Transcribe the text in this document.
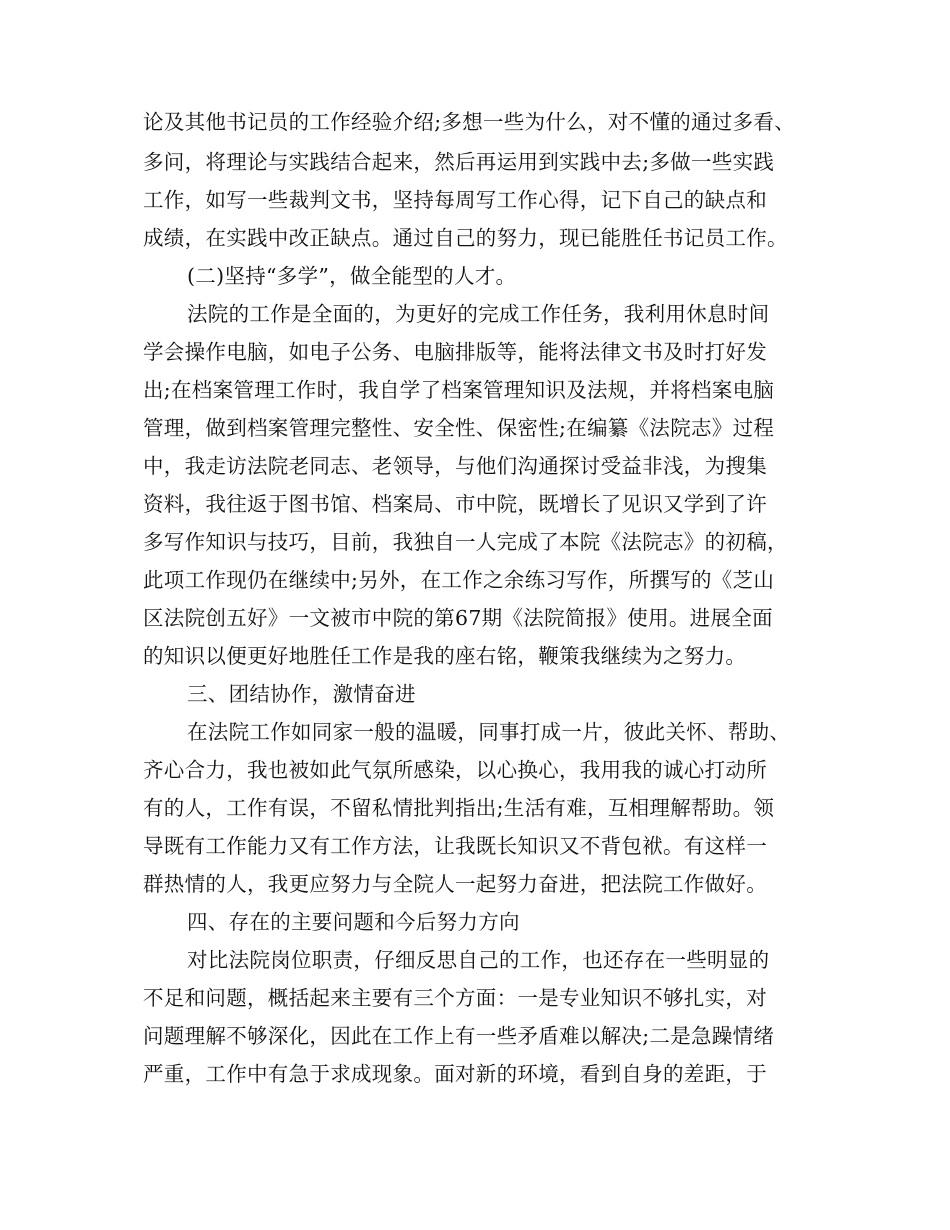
论及其他书记员的工作经验介绍;多想一些为什么，对不懂的通过多看、
多问，将理论与实践结合起来，然后再运用到实践中去;多做一些实践
工作，如写一些裁判文书，坚持每周写工作心得，记下自己的缺点和
成绩，在实践中改正缺点。通过自己的努力，现已能胜任书记员工作。
(二)坚持“多学”，做全能型的人才。
法院的工作是全面的，为更好的完成工作任务，我利用休息时间
学会操作电脑，如电子公务、电脑排版等，能将法律文书及时打好发
出;在档案管理工作时，我自学了档案管理知识及法规，并将档案电脑
管理，做到档案管理完整性、安全性、保密性;在编纂《法院志》过程
中，我走访法院老同志、老领导，与他们沟通探讨受益非浅，为搜集
资料，我往返于图书馆、档案局、市中院，既增长了见识又学到了许
多写作知识与技巧，目前，我独自一人完成了本院《法院志》的初稿，
此项工作现仍在继续中;另外，在工作之余练习写作，所撰写的《芝山
区法院创五好》一文被市中院的第67期《法院简报》使用。进展全面
的知识以便更好地胜任工作是我的座右铭，鞭策我继续为之努力。
三、团结协作，激情奋进
在法院工作如同家一般的温暖，同事打成一片，彼此关怀、帮助、
齐心合力，我也被如此气氛所感染，以心换心，我用我的诚心打动所
有的人，工作有误，不留私情批判指出;生活有难，互相理解帮助。领
导既有工作能力又有工作方法，让我既长知识又不背包袱。有这样一
群热情的人，我更应努力与全院人一起努力奋进，把法院工作做好。
四、存在的主要问题和今后努力方向
对比法院岗位职责，仔细反思自己的工作，也还存在一些明显的
不足和问题，概括起来主要有三个方面：一是专业知识不够扎实，对
问题理解不够深化，因此在工作上有一些矛盾难以解决;二是急躁情绪
严重，工作中有急于求成现象。面对新的环境，看到自身的差距，于
